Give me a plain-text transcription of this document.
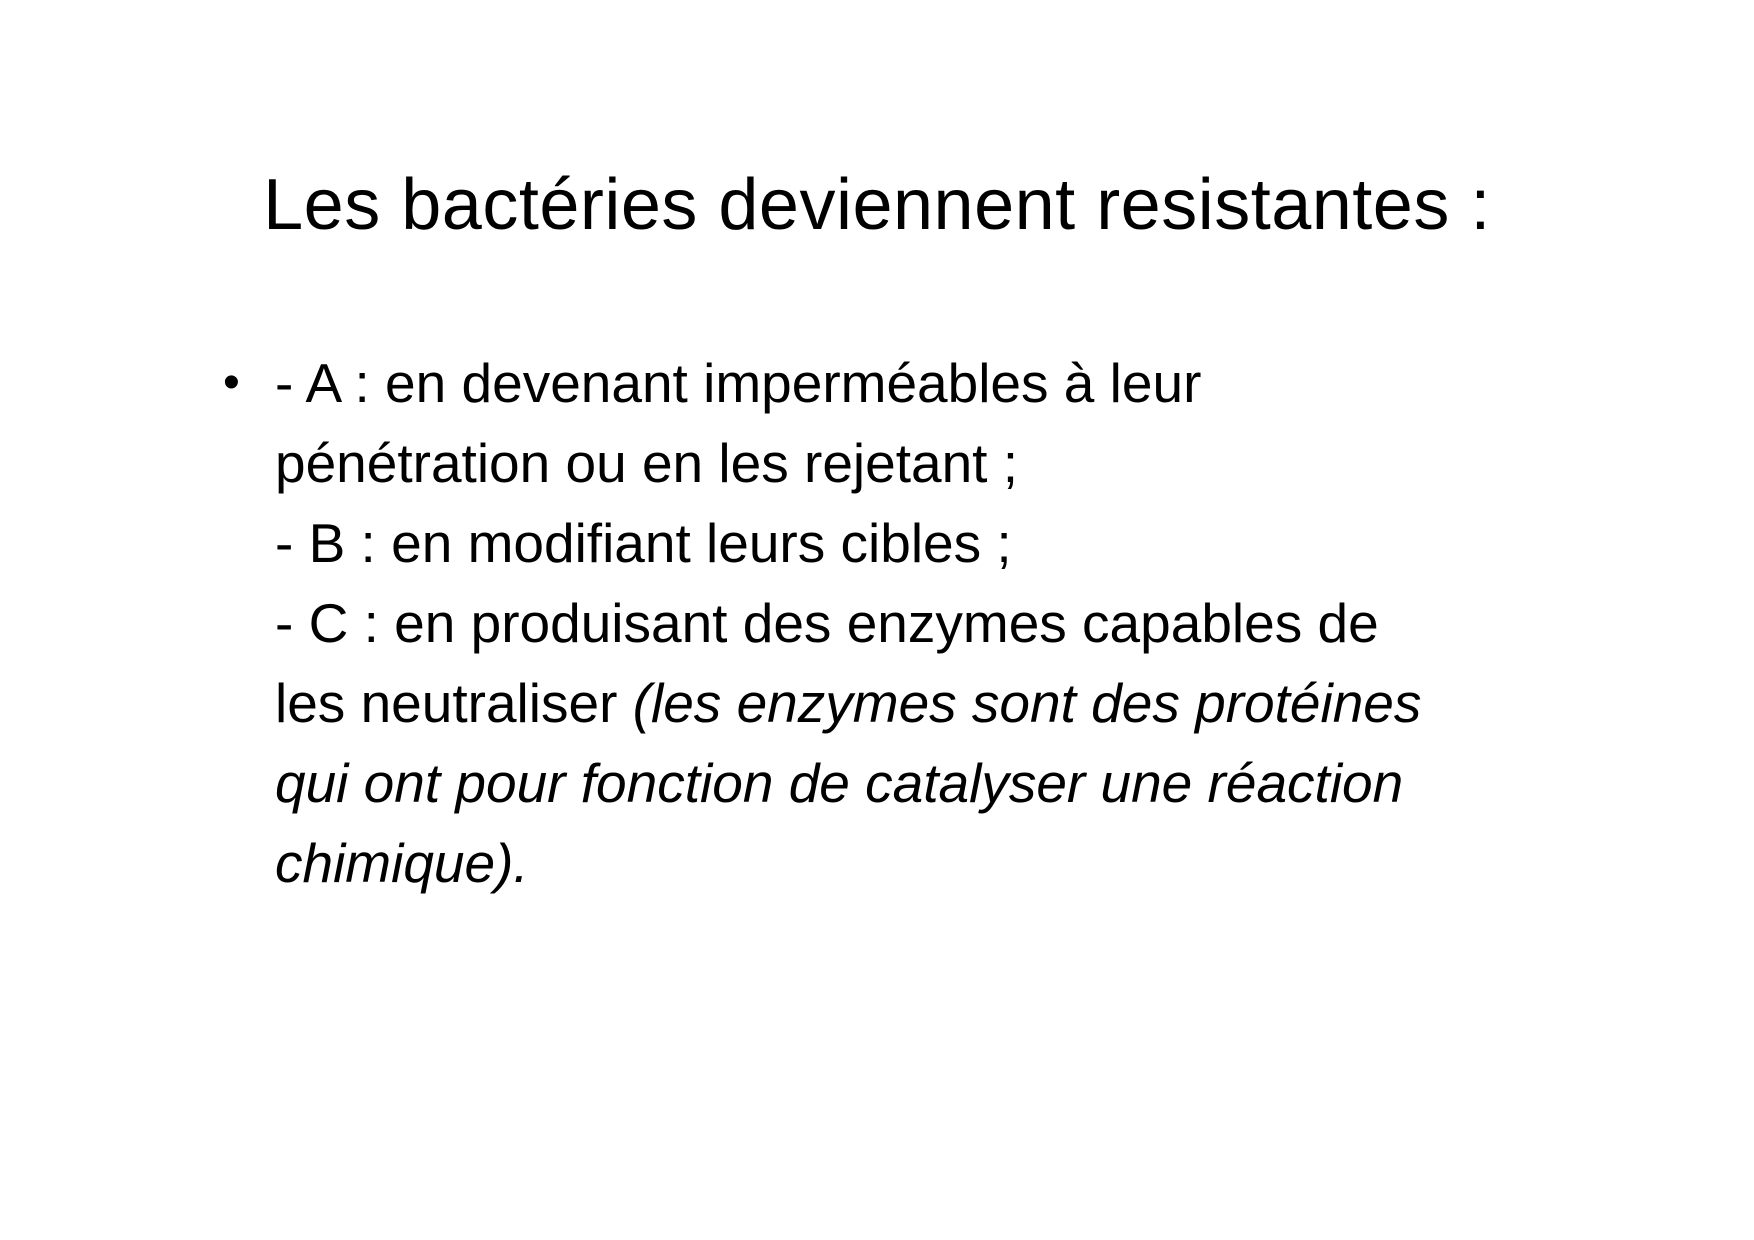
Les bactéries deviennent resistantes :
• - A : en devenant imperméables à leur
pénétration ou en les rejetant ;
- B : en modifiant leurs cibles ;
- C : en produisant des enzymes capables de
les neutraliser (les enzymes sont des protéines
qui ont pour fonction de catalyser une réaction
chimique).
